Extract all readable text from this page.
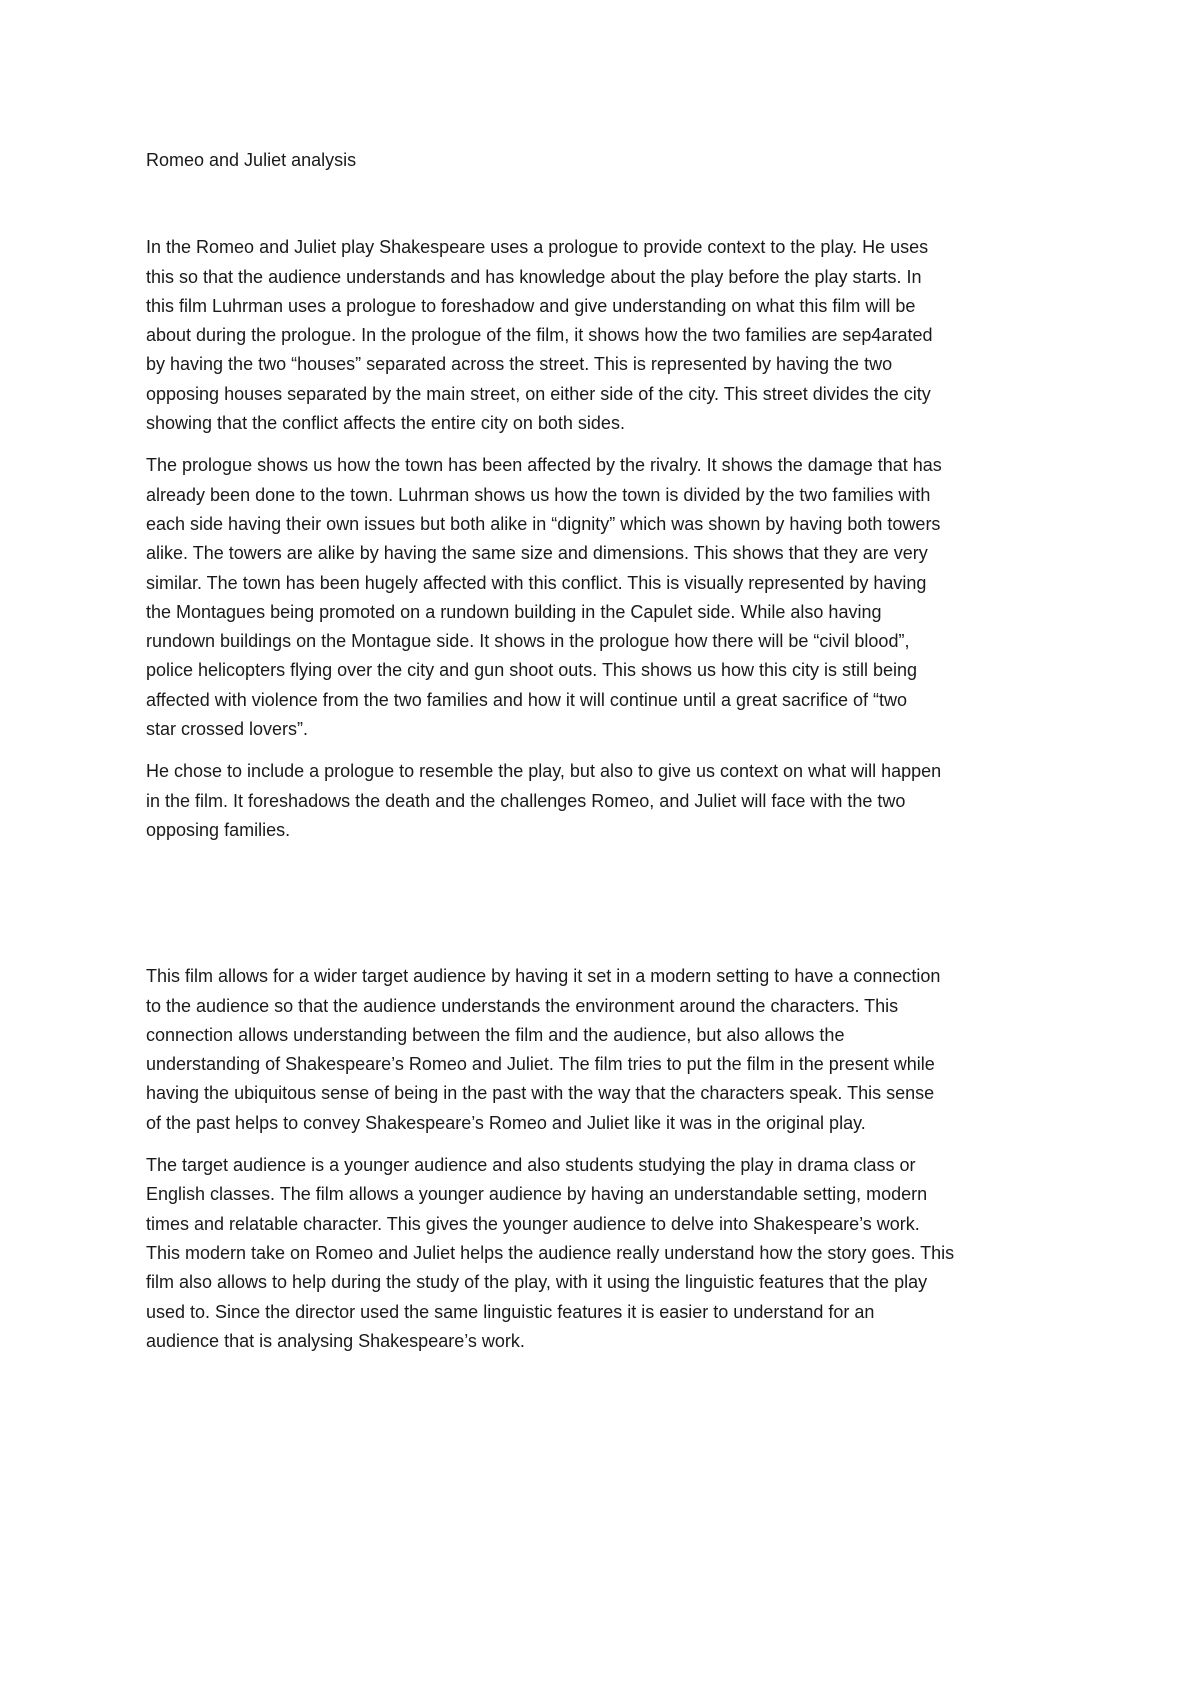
Romeo and Juliet analysis

In the Romeo and Juliet play Shakespeare uses a prologue to provide context to the play. He uses
this so that the audience understands and has knowledge about the play before the play starts. In
this film Luhrman uses a prologue to foreshadow and give understanding on what this film will be
about during the prologue. In the prologue of the film, it shows how the two families are sep4arated
by having the two “houses” separated across the street. This is represented by having the two
opposing houses separated by the main street, on either side of the city. This street divides the city
showing that the conflict affects the entire city on both sides.

The prologue shows us how the town has been affected by the rivalry. It shows the damage that has
already been done to the town. Luhrman shows us how the town is divided by the two families with
each side having their own issues but both alike in “dignity” which was shown by having both towers
alike. The towers are alike by having the same size and dimensions. This shows that they are very
similar. The town has been hugely affected with this conflict. This is visually represented by having
the Montagues being promoted on a rundown building in the Capulet side. While also having
rundown buildings on the Montague side. It shows in the prologue how there will be “civil blood”,
police helicopters flying over the city and gun shoot outs. This shows us how this city is still being
affected with violence from the two families and how it will continue until a great sacrifice of “two
star crossed lovers”.

He chose to include a prologue to resemble the play, but also to give us context on what will happen
in the film. It foreshadows the death and the challenges Romeo, and Juliet will face with the two
opposing families.

This film allows for a wider target audience by having it set in a modern setting to have a connection
to the audience so that the audience understands the environment around the characters. This
connection allows understanding between the film and the audience, but also allows the
understanding of Shakespeare’s Romeo and Juliet. The film tries to put the film in the present while
having the ubiquitous sense of being in the past with the way that the characters speak. This sense
of the past helps to convey Shakespeare’s Romeo and Juliet like it was in the original play.

The target audience is a younger audience and also students studying the play in drama class or
English classes. The film allows a younger audience by having an understandable setting, modern
times and relatable character. This gives the younger audience to delve into Shakespeare’s work.
This modern take on Romeo and Juliet helps the audience really understand how the story goes. This
film also allows to help during the study of the play, with it using the linguistic features that the play
used to. Since the director used the same linguistic features it is easier to understand for an
audience that is analysing Shakespeare’s work.
